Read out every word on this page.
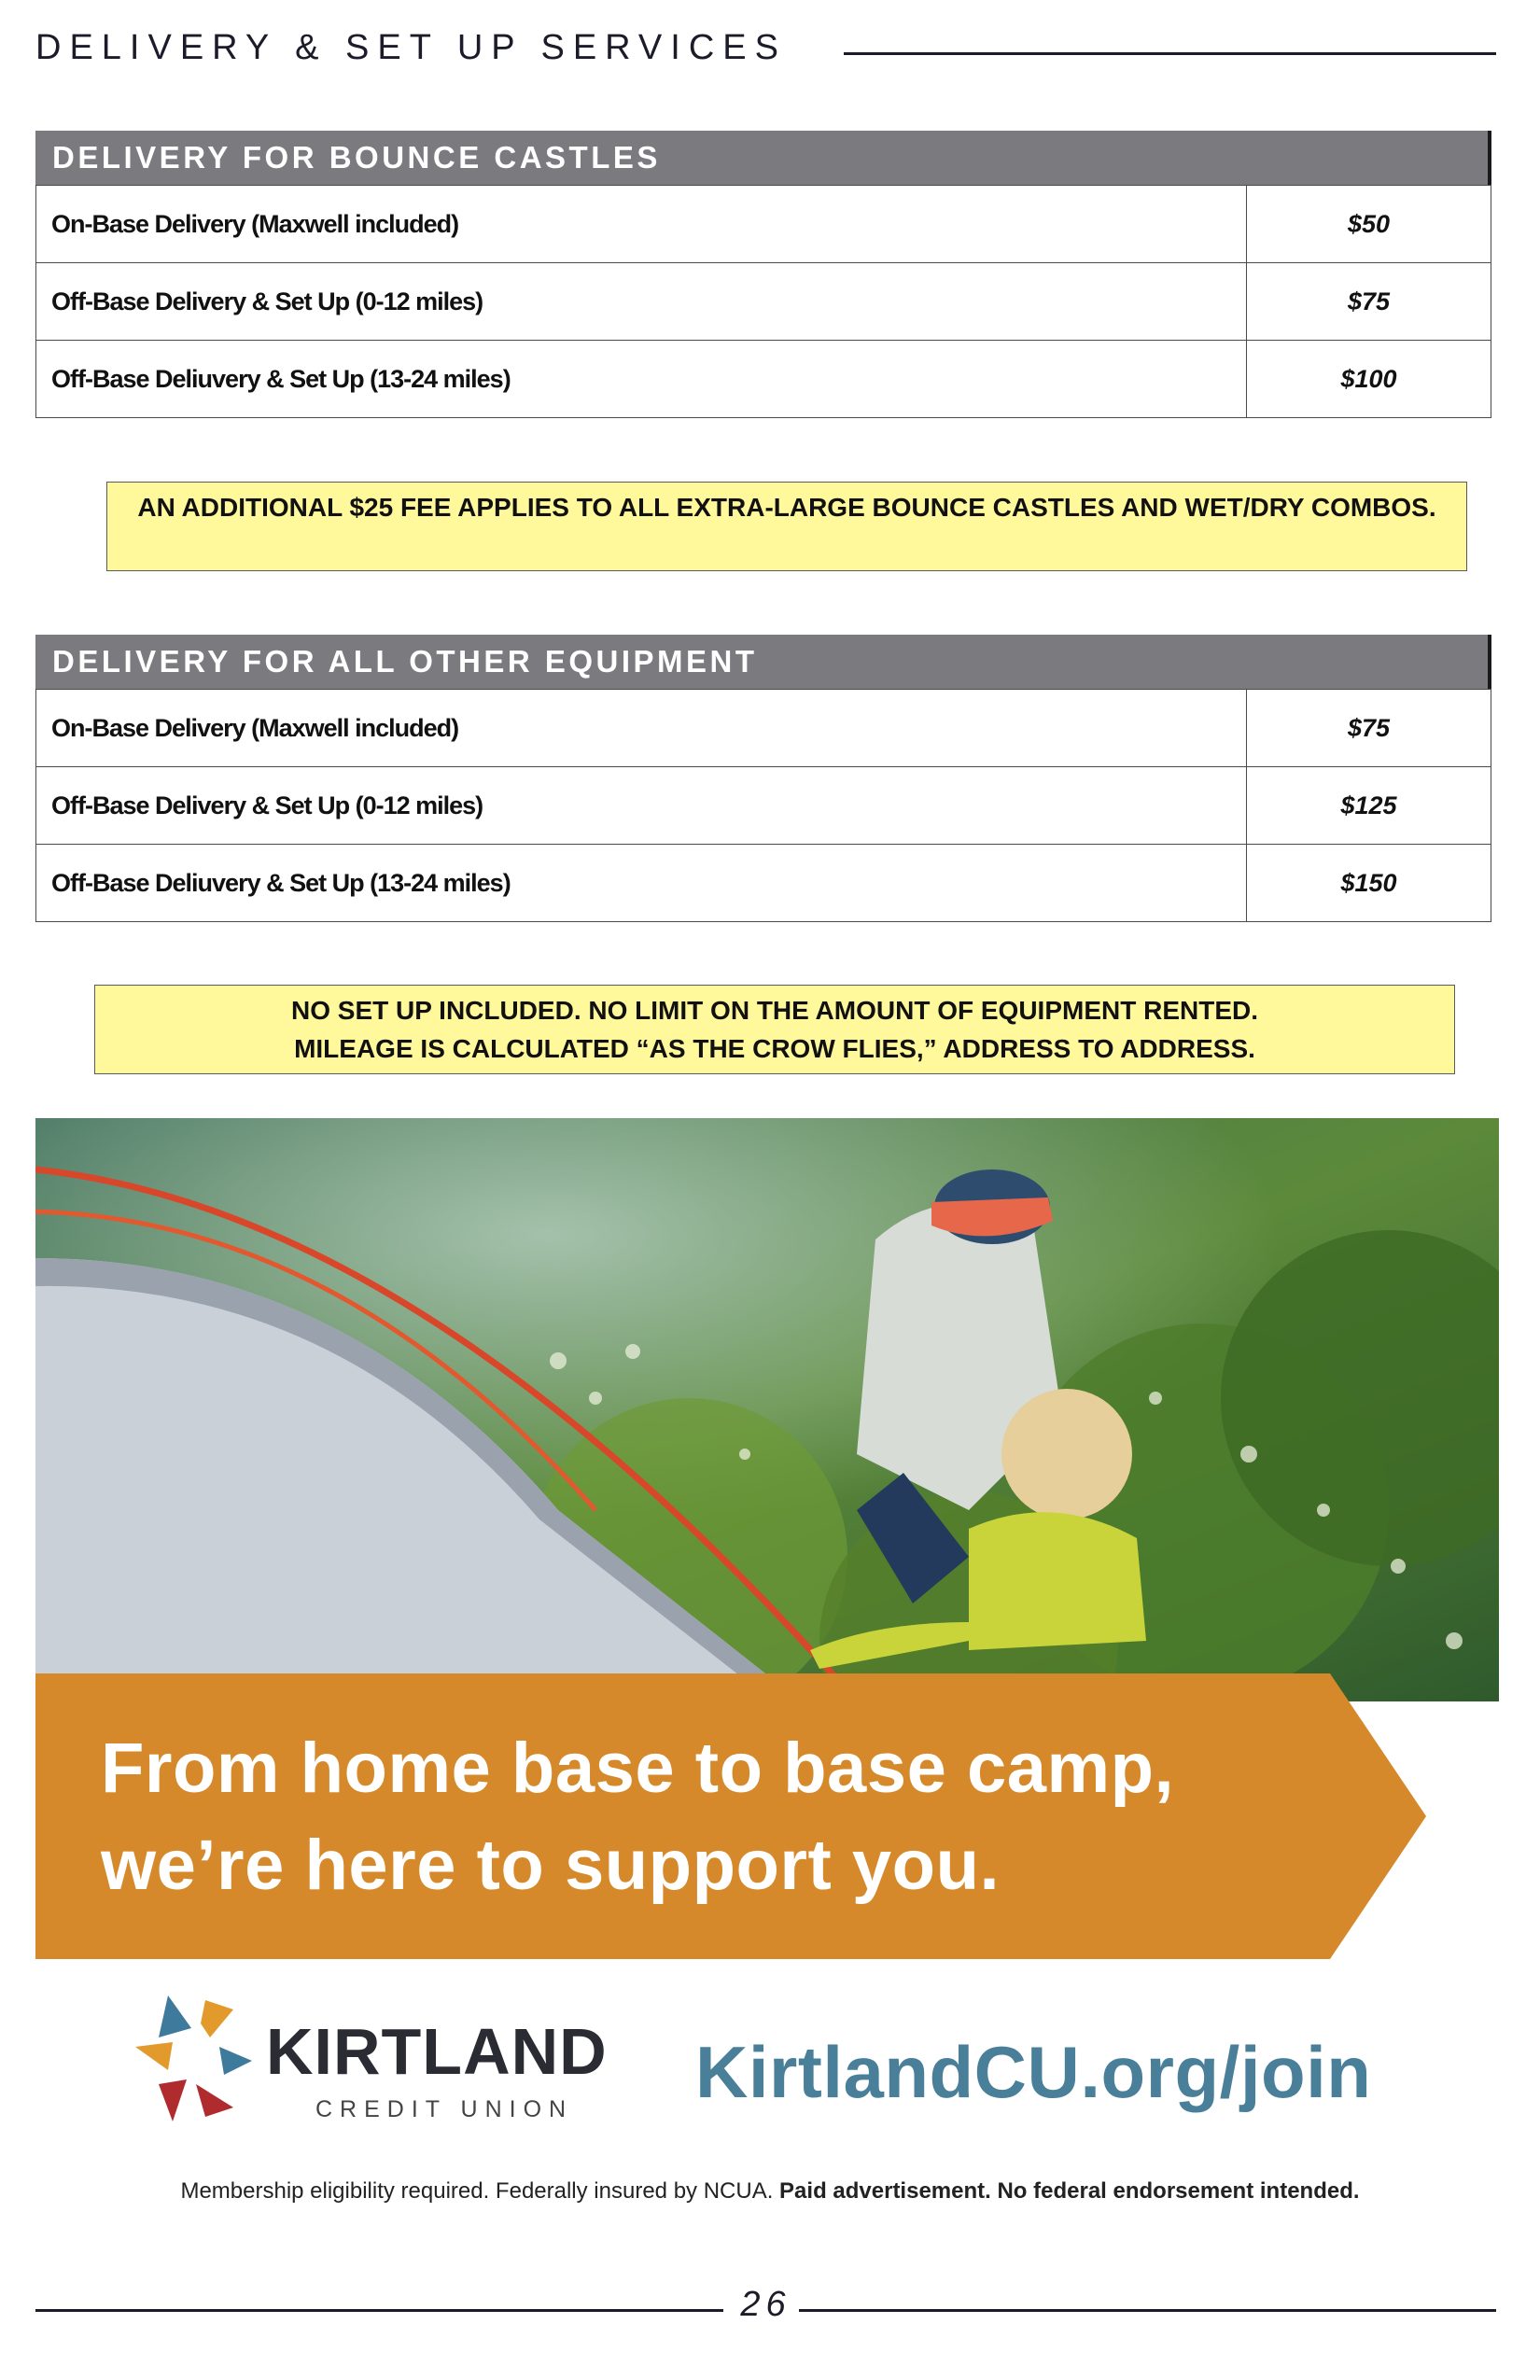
DELIVERY & SET UP SERVICES
DELIVERY FOR BOUNCE CASTLES
On-Base Delivery (Maxwell included)	$50
Off-Base Delivery & Set Up (0-12 miles)	$75
Off-Base Deliuvery & Set Up (13-24 miles)	$100
AN ADDITIONAL $25 FEE APPLIES TO ALL EXTRA-LARGE BOUNCE CASTLES AND WET/DRY COMBOS.
DELIVERY FOR ALL OTHER EQUIPMENT
On-Base Delivery (Maxwell included)	$75
Off-Base Delivery & Set Up (0-12 miles)	$125
Off-Base Deliuvery & Set Up (13-24 miles)	$150
NO SET UP INCLUDED. NO LIMIT ON THE AMOUNT OF EQUIPMENT RENTED.
MILEAGE IS CALCULATED “AS THE CROW FLIES,” ADDRESS TO ADDRESS.
From home base to base camp,
we’re here to support you.
KIRTLAND
CREDIT UNION KirtlandCU.org/join
Membership eligibility required. Federally insured by NCUA. Paid advertisement. No federal endorsement intended.
26
